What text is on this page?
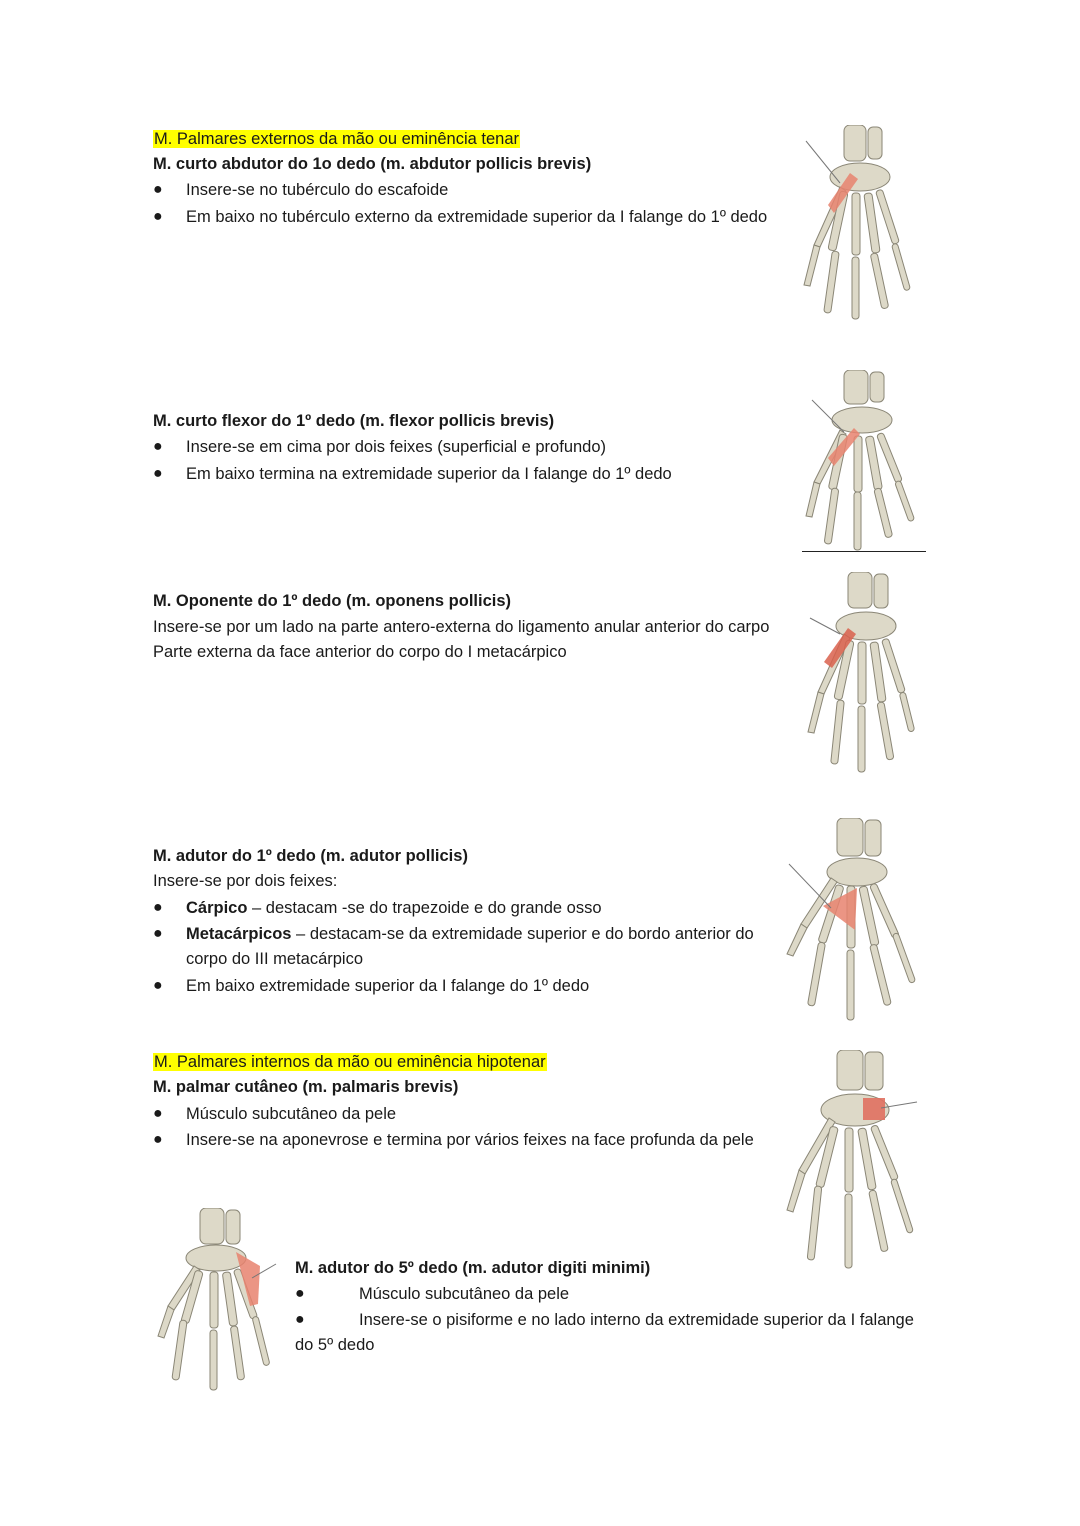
M. Palmares externos da mão ou eminência tenar
M. curto abdutor do 1o dedo (m. abdutor pollicis brevis)
● Insere-se no tubérculo do escafoide
● Em baixo no tubérculo externo da extremidade superior da I falange do 1º dedo
M. curto flexor do 1º dedo (m. flexor pollicis brevis)
● Insere-se em cima por dois feixes (superficial e profundo)
● Em baixo termina na extremidade superior da I falange do 1º dedo
M. Oponente do 1º dedo (m. oponens pollicis)
Insere-se por um lado na parte antero-externa do ligamento anular anterior do carpo
Parte externa da face anterior do corpo do I metacárpico
M. adutor do 1º dedo (m. adutor pollicis)
Insere-se por dois feixes:
● Cárpico – destacam -se do trapezoide e do grande osso
● Metacárpicos – destacam-se da extremidade superior e do bordo anterior do
corpo do III metacárpico
● Em baixo extremidade superior da I falange do 1º dedo
M. Palmares internos da mão ou eminência hipotenar
M. palmar cutâneo (m. palmaris brevis)
● Músculo subcutâneo da pele
● Insere-se na aponevrose e termina por vários feixes na face profunda da pele
M. adutor do 5º dedo (m. adutor digiti minimi)
●	Músculo subcutâneo da pele
●	Insere-se o pisiforme e no lado interno da extremidade superior da I falange
do 5º dedo
